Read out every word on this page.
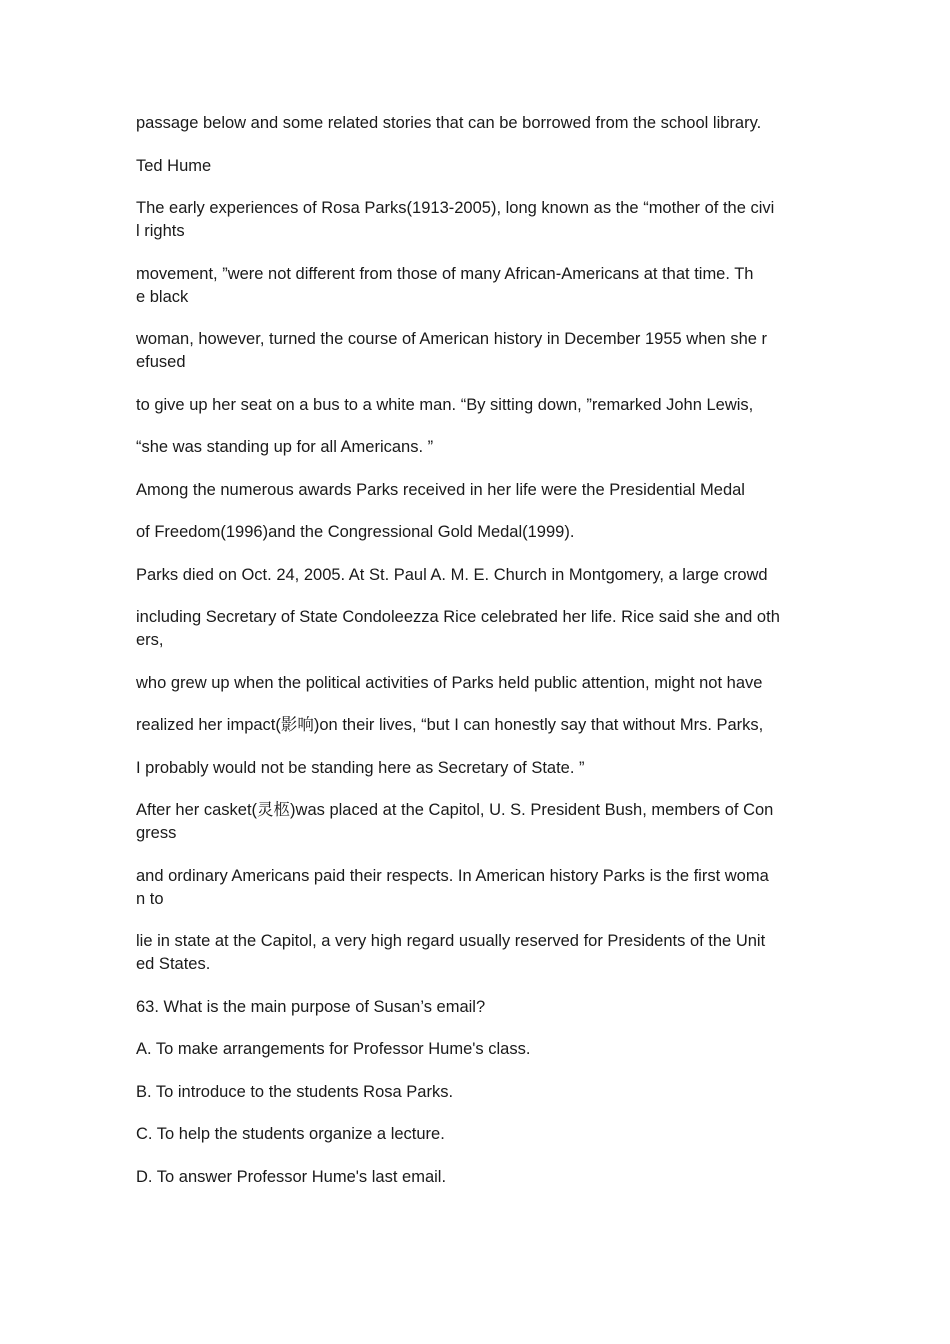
passage below and some related stories that can be borrowed from the school library.

Ted Hume

The early experiences of Rosa Parks(1913-2005), long known as the “mother of the civi
l rights

movement, ”were not different from those of many African-Americans at that time. Th
e black

woman, however, turned the course of American history in December 1955 when she r
efused

to give up her seat on a bus to a white man. “By sitting down, ”remarked John Lewis,

“she was standing up for all Americans. ”

Among the numerous awards Parks received in her life were the Presidential Medal

of Freedom(1996)and the Congressional Gold Medal(1999).

Parks died on Oct. 24, 2005. At St. Paul A. M. E. Church in Montgomery, a large crowd

including Secretary of State Condoleezza Rice celebrated her life. Rice said she and oth
ers,

who grew up when the political activities of Parks held public attention, might not have

realized her impact(影响)on their lives, “but I can honestly say that without Mrs. Parks,

I probably would not be standing here as Secretary of State. ”

After her casket(灵柩)was placed at the Capitol, U. S. President Bush, members of Con
gress

and ordinary Americans paid their respects. In American history Parks is the first woma
n to

lie in state at the Capitol, a very high regard usually reserved for Presidents of the Unit
ed States.

63. What is the main purpose of Susan’s email?

A. To make arrangements for Professor Hume's class.

B. To introduce to the students Rosa Parks.

C. To help the students organize a lecture.

D. To answer Professor Hume's last email.
